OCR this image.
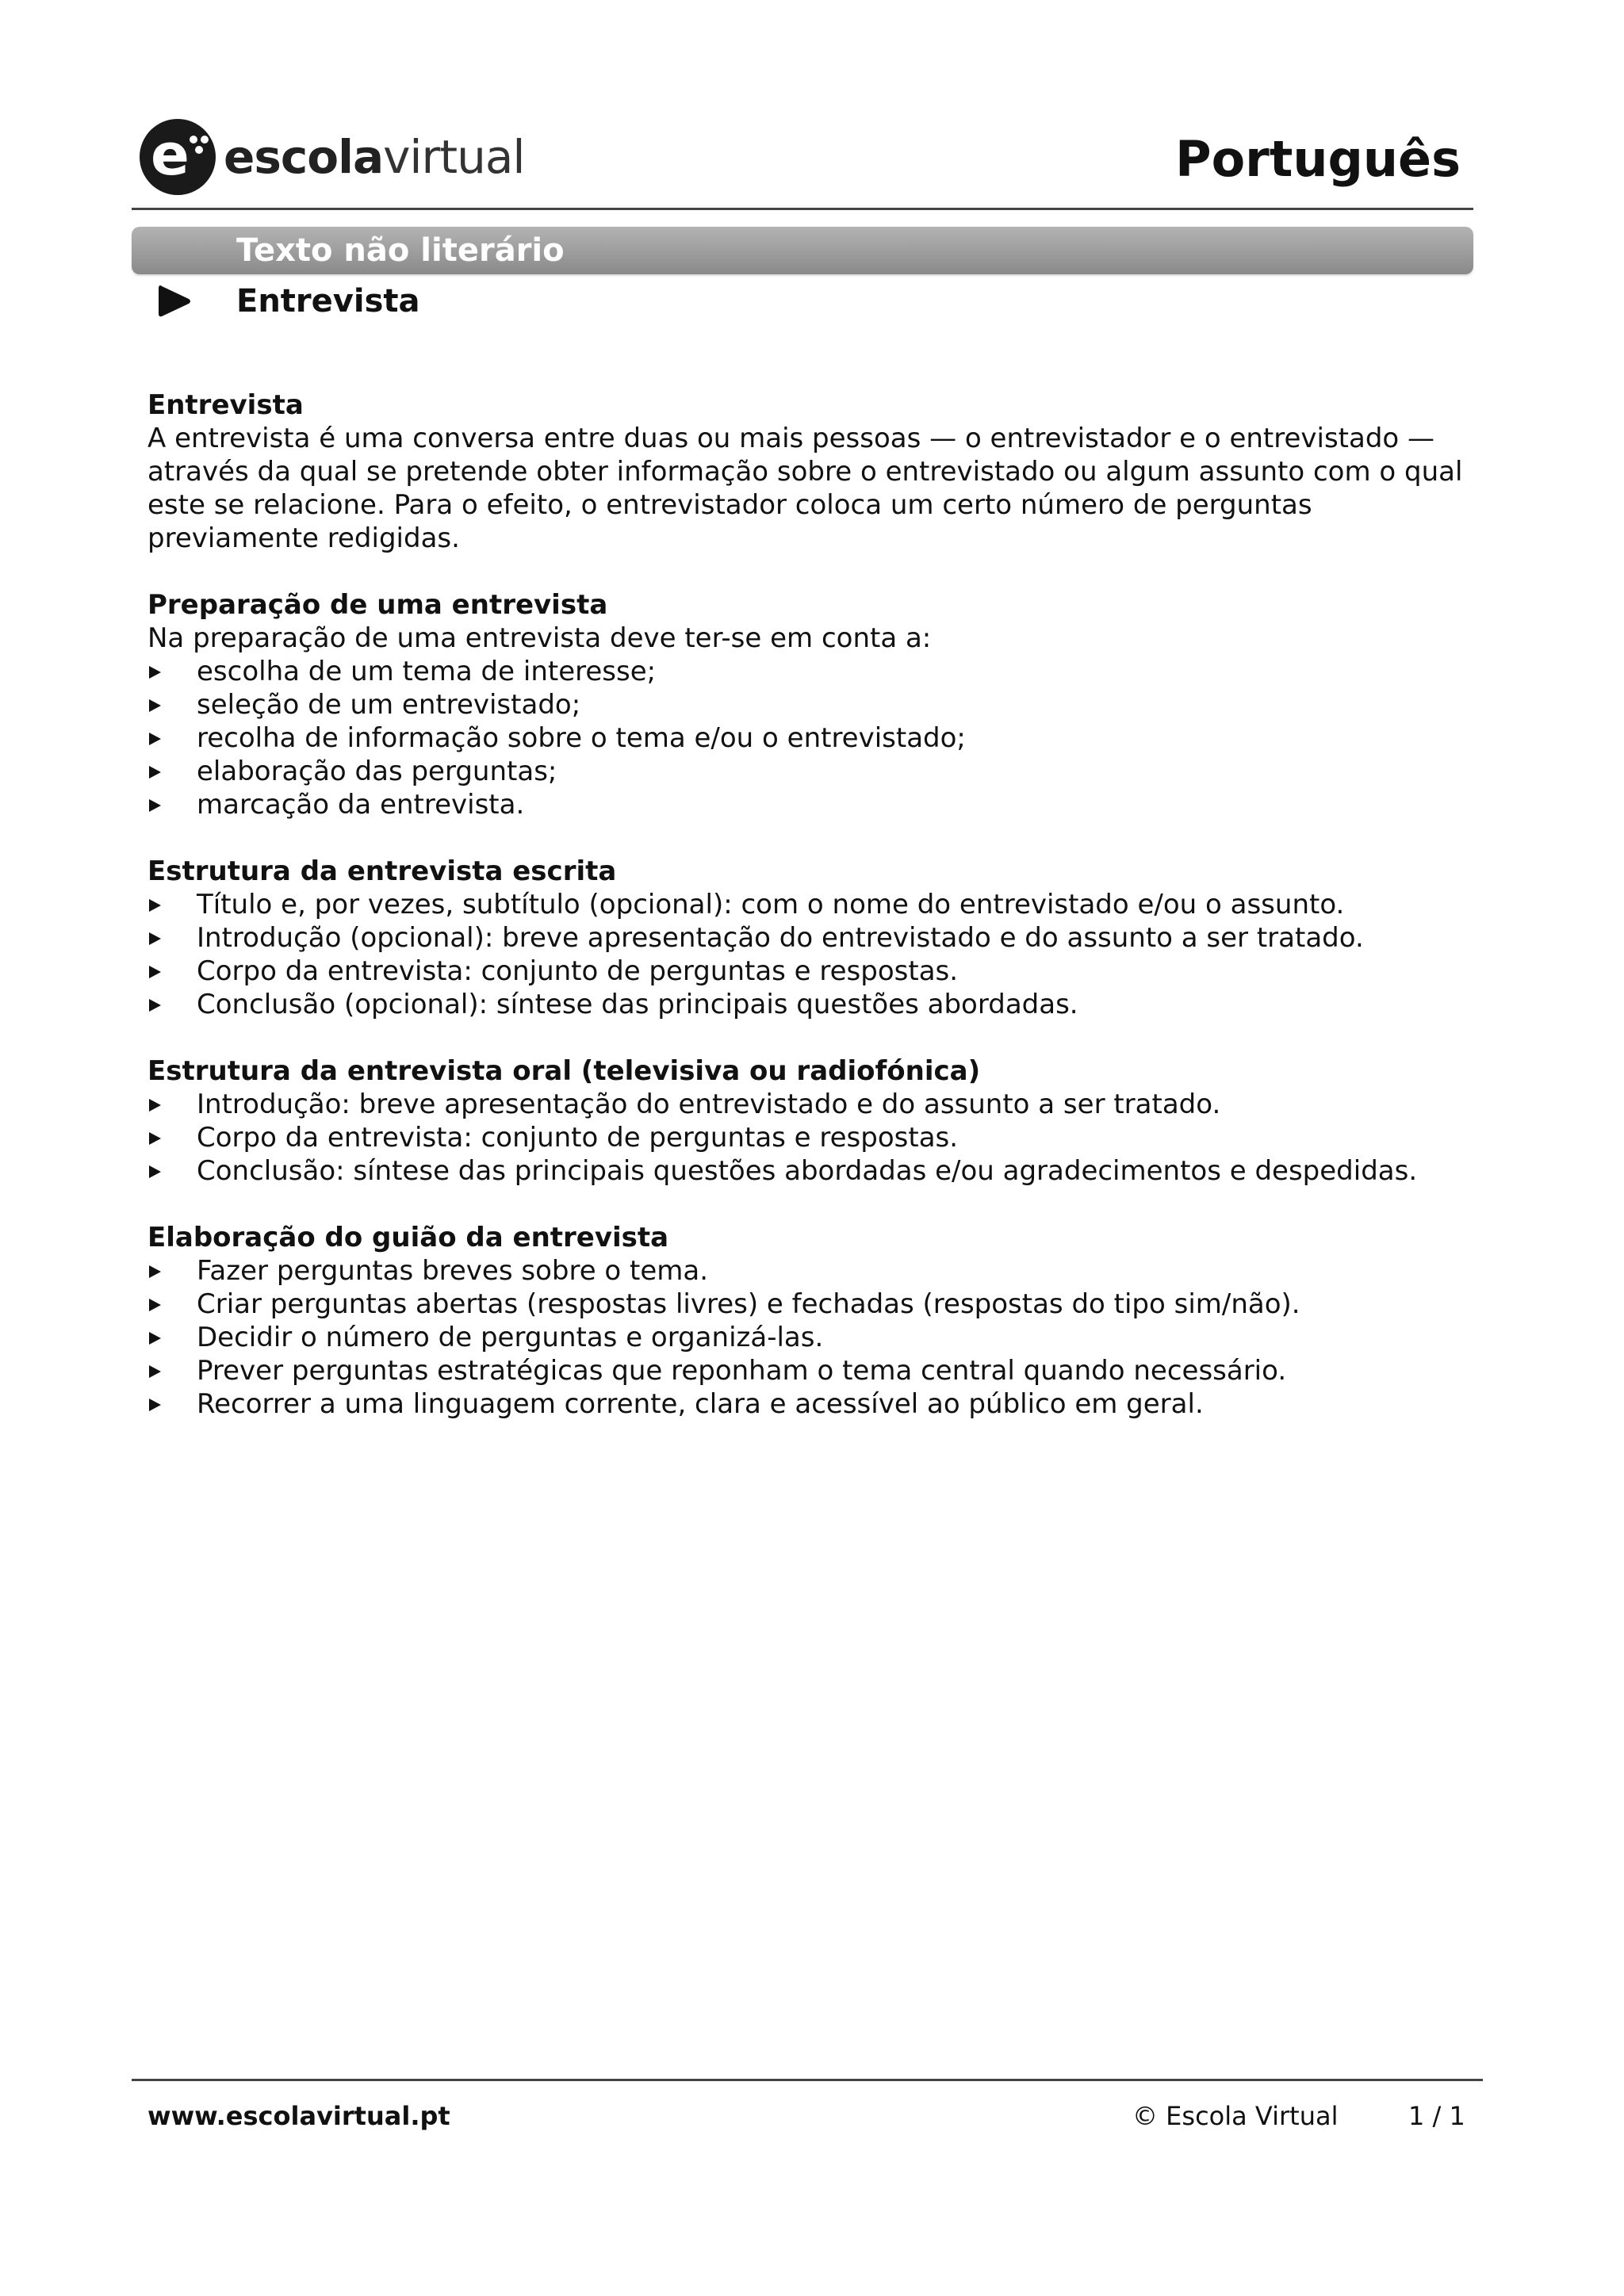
e escolavirtual	Português
Texto não literário
Entrevista
Entrevista

A entrevista é uma conversa entre duas ou mais pessoas — o entrevistador e o entrevistado — através da qual se pretende obter informação sobre o entrevistado ou algum assunto com o qual este se relacione. Para o efeito, o entrevistador coloca um certo número de perguntas previamente redigidas.

Preparação de uma entrevista

Na preparação de uma entrevista deve ter-se em conta a:

escolha de um tema de interesse;
seleção de um entrevistado;
recolha de informação sobre o tema e/ou o entrevistado;
elaboração das perguntas;
marcação da entrevista.
Estrutura da entrevista escrita
Título e, por vezes, subtítulo (opcional): com o nome do entrevistado e/ou o assunto.
Introdução (opcional): breve apresentação do entrevistado e do assunto a ser tratado.
Corpo da entrevista: conjunto de perguntas e respostas.
Conclusão (opcional): síntese das principais questões abordadas.
Estrutura da entrevista oral (televisiva ou radiofónica)
Introdução: breve apresentação do entrevistado e do assunto a ser tratado.
Corpo da entrevista: conjunto de perguntas e respostas.
Conclusão: síntese das principais questões abordadas e/ou agradecimentos e despedidas.
Elaboração do guião da entrevista
Fazer perguntas breves sobre o tema.
Criar perguntas abertas (respostas livres) e fechadas (respostas do tipo sim/não).
Decidir o número de perguntas e organizá-las.
Prever perguntas estratégicas que reponham o tema central quando necessário.
Recorrer a uma linguagem corrente, clara e acessível ao público em geral.
www.escolavirtual.pt	© Escola Virtual	1 / 1
